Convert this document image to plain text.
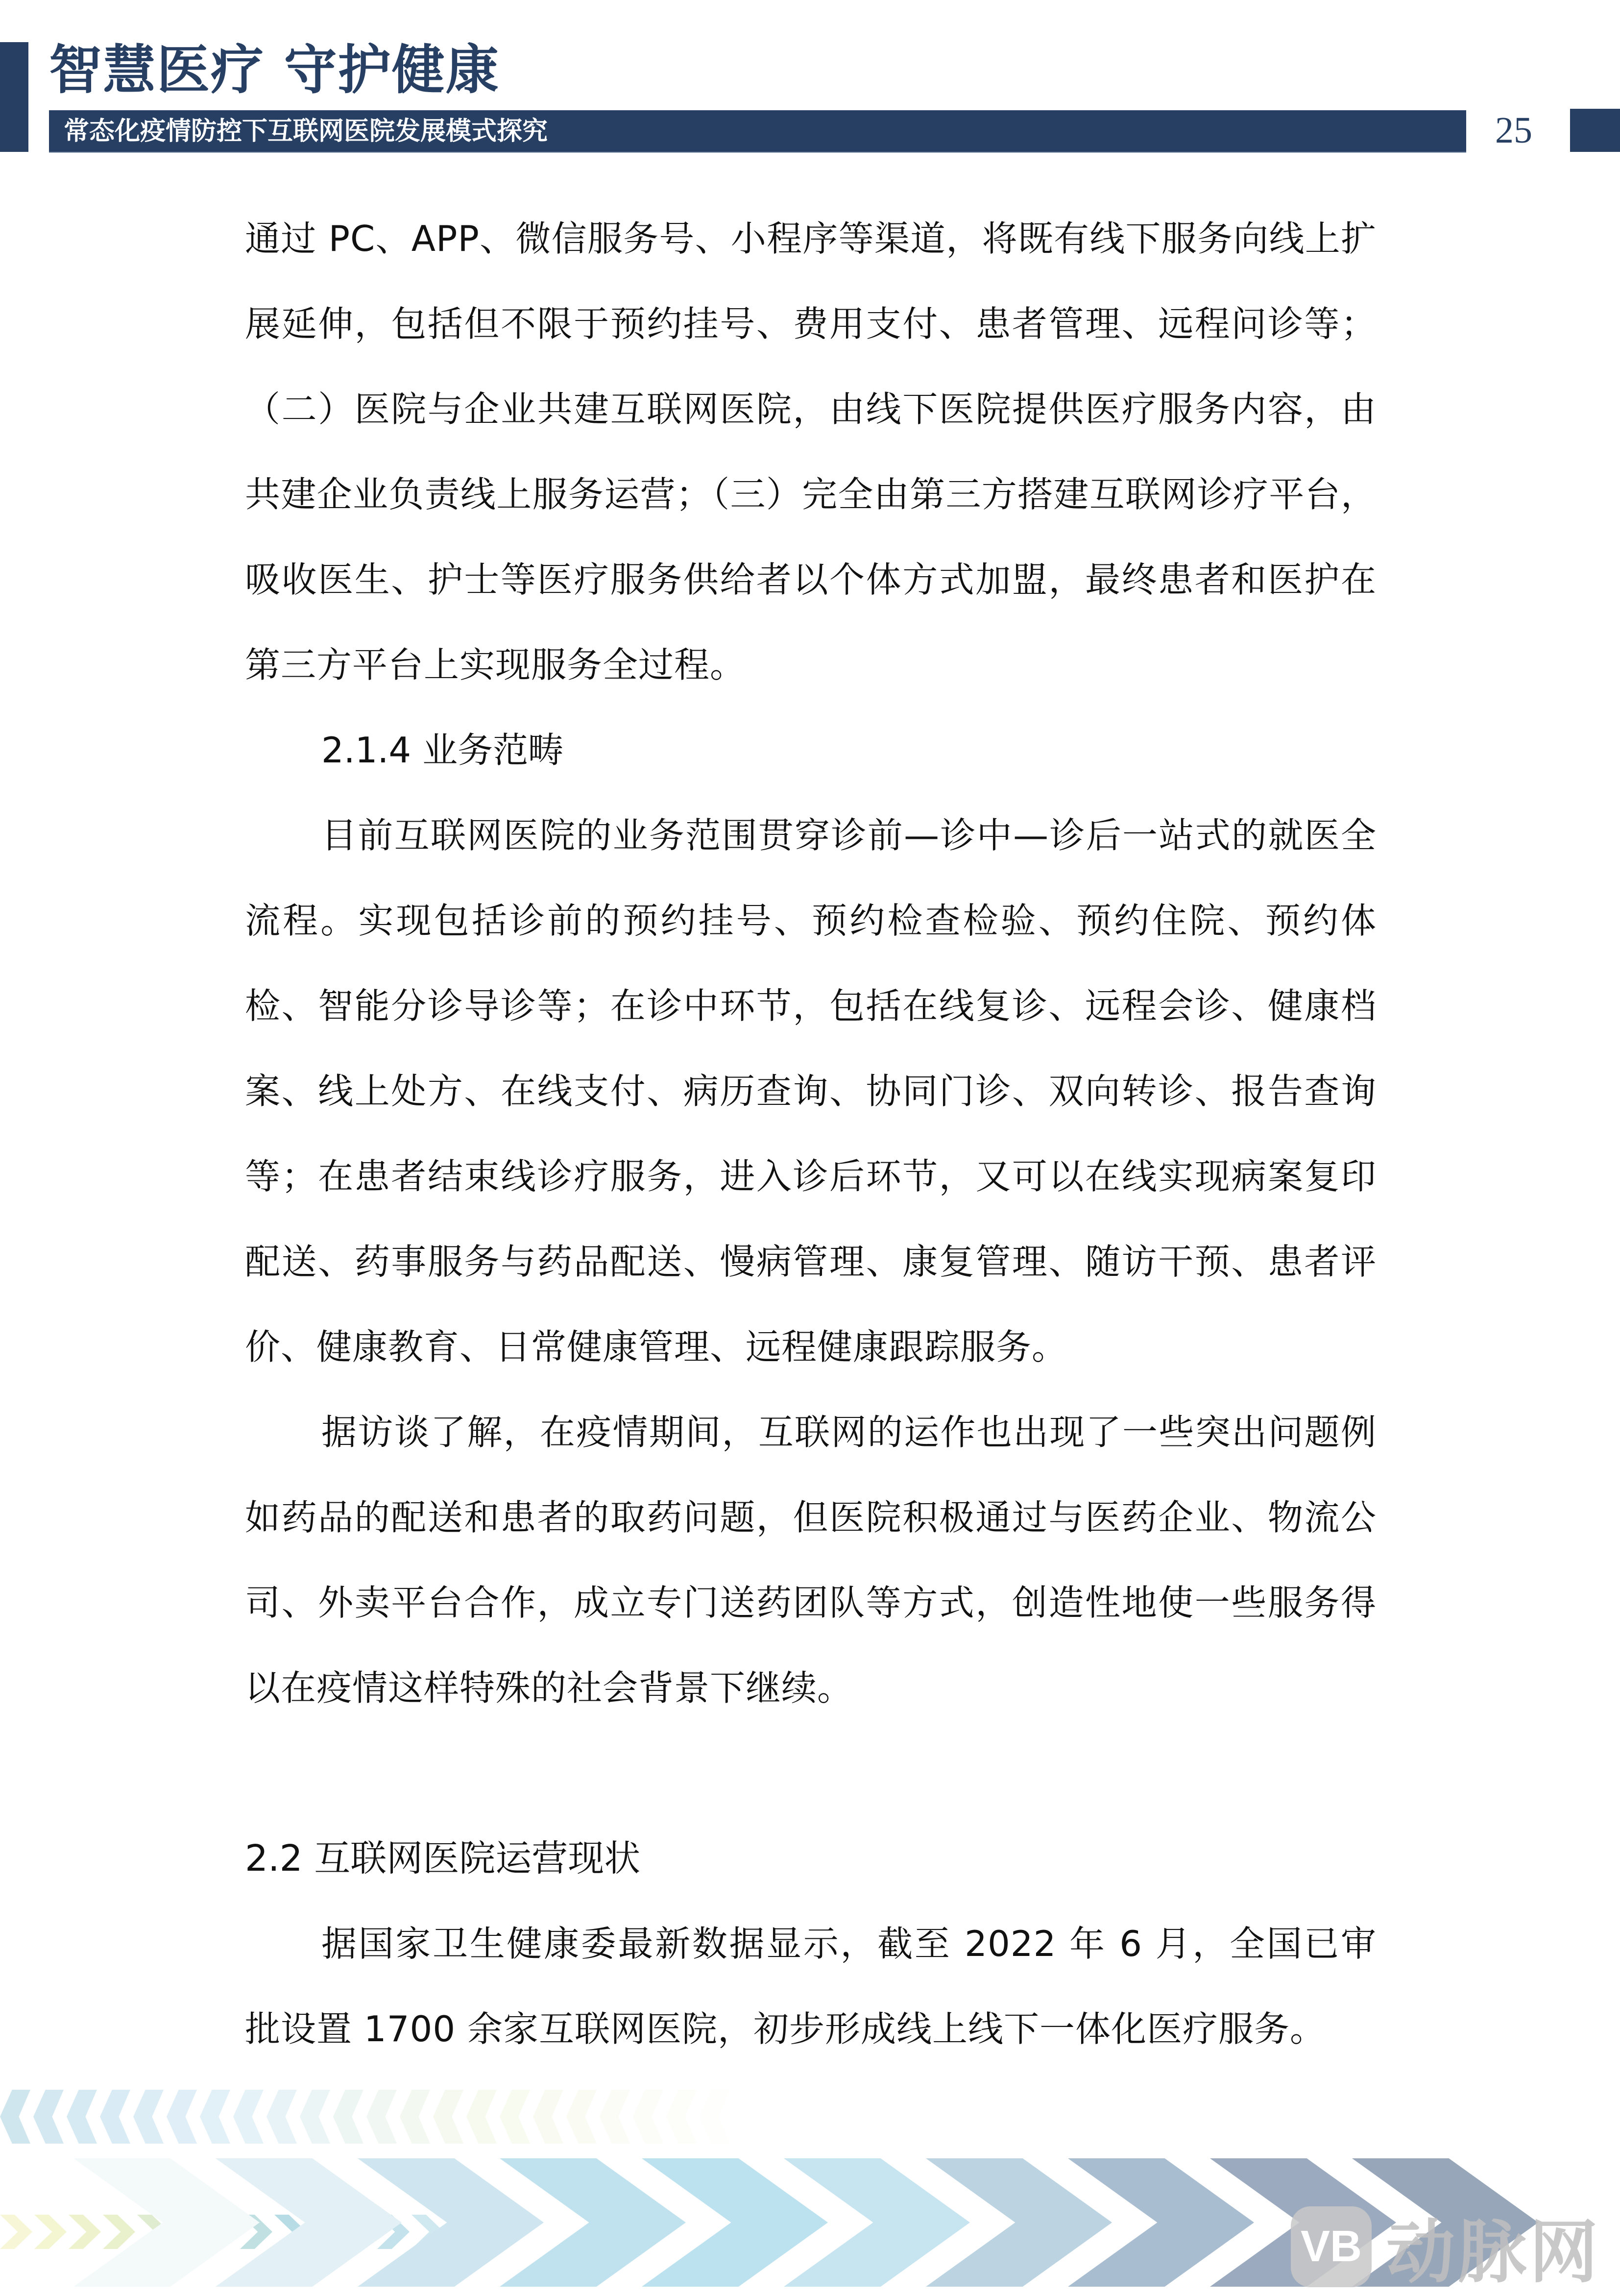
智慧医疗 守护健康
常态化疫情防控下互联网医院发展模式探究	25

通过 PC、APP、微信服务号、小程序等渠道，将既有线下服务向线上扩展延伸，包括但不限于预约挂号、费用支付、患者管理、远程问诊等；（二）医院与企业共建互联网医院，由线下医院提供医疗服务内容，由共建企业负责线上服务运营；（三）完全由第三方搭建互联网诊疗平台，吸收医生、护士等医疗服务供给者以个体方式加盟，最终患者和医护在第三方平台上实现服务全过程。

2.1.4 业务范畴

目前互联网医院的业务范围贯穿诊前—诊中—诊后一站式的就医全流程。实现包括诊前的预约挂号、预约检查检验、预约住院、预约体检、智能分诊导诊等；在诊中环节，包括在线复诊、远程会诊、健康档案、线上处方、在线支付、病历查询、协同门诊、双向转诊、报告查询等；在患者结束线诊疗服务，进入诊后环节，又可以在线实现病案复印配送、药事服务与药品配送、慢病管理、康复管理、随访干预、患者评价、健康教育、日常健康管理、远程健康跟踪服务。

据访谈了解，在疫情期间，互联网的运作也出现了一些突出问题例如药品的配送和患者的取药问题，但医院积极通过与医药企业、物流公司、外卖平台合作，成立专门送药团队等方式，创造性地使一些服务得以在疫情这样特殊的社会背景下继续。

2.2 互联网医院运营现状

据国家卫生健康委最新数据显示，截至 2022 年 6 月，全国已审批设置 1700 余家互联网医院，初步形成线上线下一体化医疗服务。

VB 动脉网
